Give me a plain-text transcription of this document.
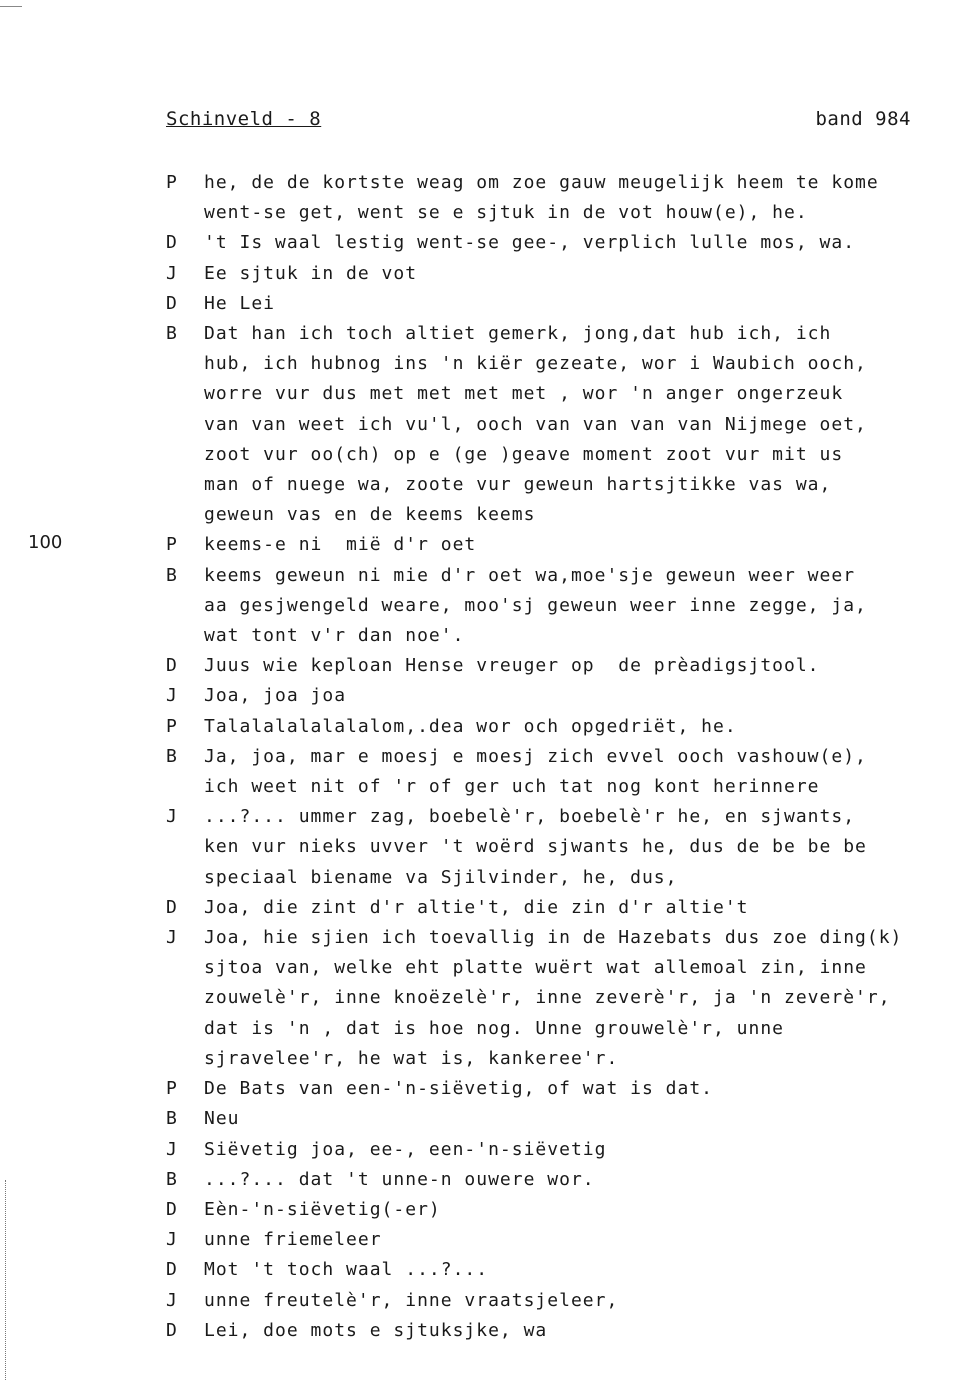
Schinveld - 8	band 984
100
P	he, de de kortste weag om zoe gauw meugelijk heem te kome
went-se get, went se e sjtuk in de vot houw(e), he.
D	't Is waal lestig went-se gee-, verplich lulle mos, wa.
J	Ee sjtuk in de vot
D	He Lei
B	Dat han ich toch altiet gemerk, jong,dat hub ich, ich
hub, ich hubnog ins 'n kiër gezeate, wor i Waubich ooch,
worre vur dus met met met met , wor 'n anger ongerzeuk
van van weet ich vu'l, ooch van van van van Nijmege oet,
zoot vur oo(ch) op e (ge )geave moment zoot vur mit us
man of nuege wa, zoote vur geweun hartsjtikke vas wa,
geweun vas en de keems keems
P	keems-e ni  mië d'r oet
B	keems geweun ni mie d'r oet wa,moe'sje geweun weer weer
aa gesjwengeld weare, moo'sj geweun weer inne zegge, ja,
wat tont v'r dan noe'.
D	Juus wie keploan Hense vreuger op  de prèadigsjtool.
J	Joa, joa joa
P	Talalalalalalalom,.dea wor och opgedriët, he.
B	Ja, joa, mar e moesj e moesj zich evvel ooch vashouw(e),
ich weet nit of 'r of ger uch tat nog kont herinnere
J	...?... ummer zag, boebelè'r, boebelè'r he, en sjwants,
ken vur nieks uvver 't woërd sjwants he, dus de be be be
speciaal biename va Sjilvinder, he, dus,
D	Joa, die zint d'r altie't, die zin d'r altie't
J	Joa, hie sjien ich toevallig in de Hazebats dus zoe ding(k)
sjtoa van, welke eht platte wuërt wat allemoal zin, inne
zouwelè'r, inne knoëzelè'r, inne zeverè'r, ja 'n zeverè'r,
dat is 'n , dat is hoe nog. Unne grouwelè'r, unne
sjravelee'r, he wat is, kankeree'r.
P	De Bats van een-'n-siëvetig, of wat is dat.
B	Neu
J	Siëvetig joa, ee-, een-'n-siëvetig
B	...?... dat 't unne-n ouwere wor.
D	Eèn-'n-siëvetig(-er)
J	unne friemeleer
D	Mot 't toch waal ...?...
J	unne freutelè'r, inne vraatsjeleer,
D	Lei, doe mots e sjtuksjke, wa
